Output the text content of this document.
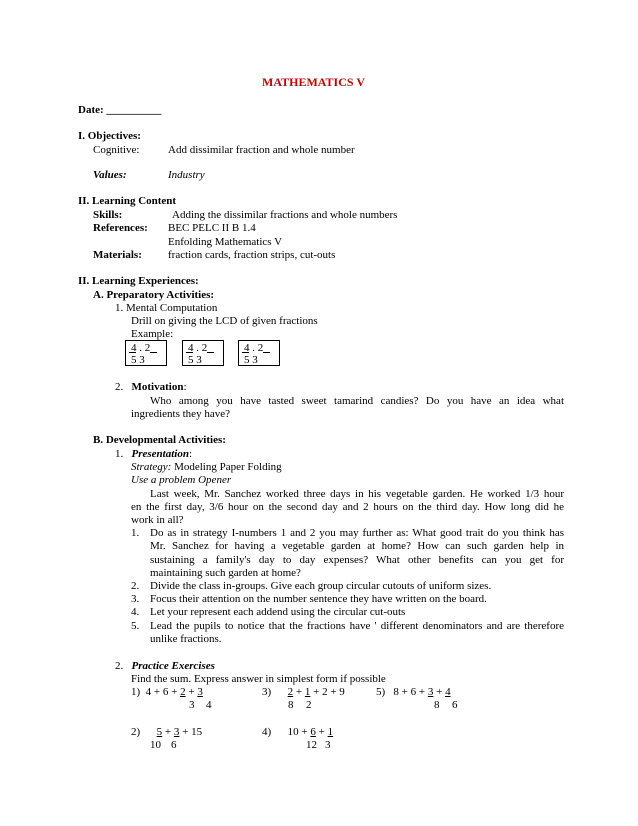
MATHEMATICS V
Date: __________
I. Objectives:
Cognitive:	Add dissimilar fraction and whole number
Values:	Industry
II. Learning Content
Skills:	Adding the dissimilar fractions and whole numbers
References: BEC PELC II B 1.4
Enfolding Mathematics V
Materials: fraction cards, fraction strips, cut-outs
II. Learning Experiences:
A. Preparatory Activities:
1. Mental Computation
Drill on giving the LCD of given fractions
Example:
4 . 2
5 3
4 . 2
5 3
4 . 2
5 3
2. Motivation:
Who among you have tasted sweet tamarind candies? Do you have an idea what
ingredients they have?
B. Developmental Activities:
1. Presentation:
Strategy: Modeling Paper Folding
Use a problem Opener
Last week, Mr. Sanchez worked three days in his vegetable garden. He worked 1/3 hour
en the first day, 3/6 hour on the second day and 2 hours on the third day. How long did he
work in all?
1. Do as in strategy I-numbers 1 and 2 you may further as: What good trait do you think has
Mr. Sanchez for having a vegetable garden at home? How can such garden help in
sustaining a family's day to day expenses? What other benefits can you get for
maintaining such garden at home?
2. Divide the class in-groups. Give each group circular cutouts of uniform sizes.
3. Focus their attention on the number sentence they have written on the board.
4. Let your represent each addend using the circular cut-outs
5. Lead the pupils to notice that the fractions have ' different denominators and are therefore
unlike fractions.
2. Practice Exercises
Find the sum. Express answer in simplest form if possible
1) 4 + 6 + 2 + 3
3 4
3) 2 + 1 + 2 + 9
8 2
5) 8 + 6 + 3 + 4
8 6
2) 5 + 3 + 15
10 6
4) 10 + 6 + 1
12 3
